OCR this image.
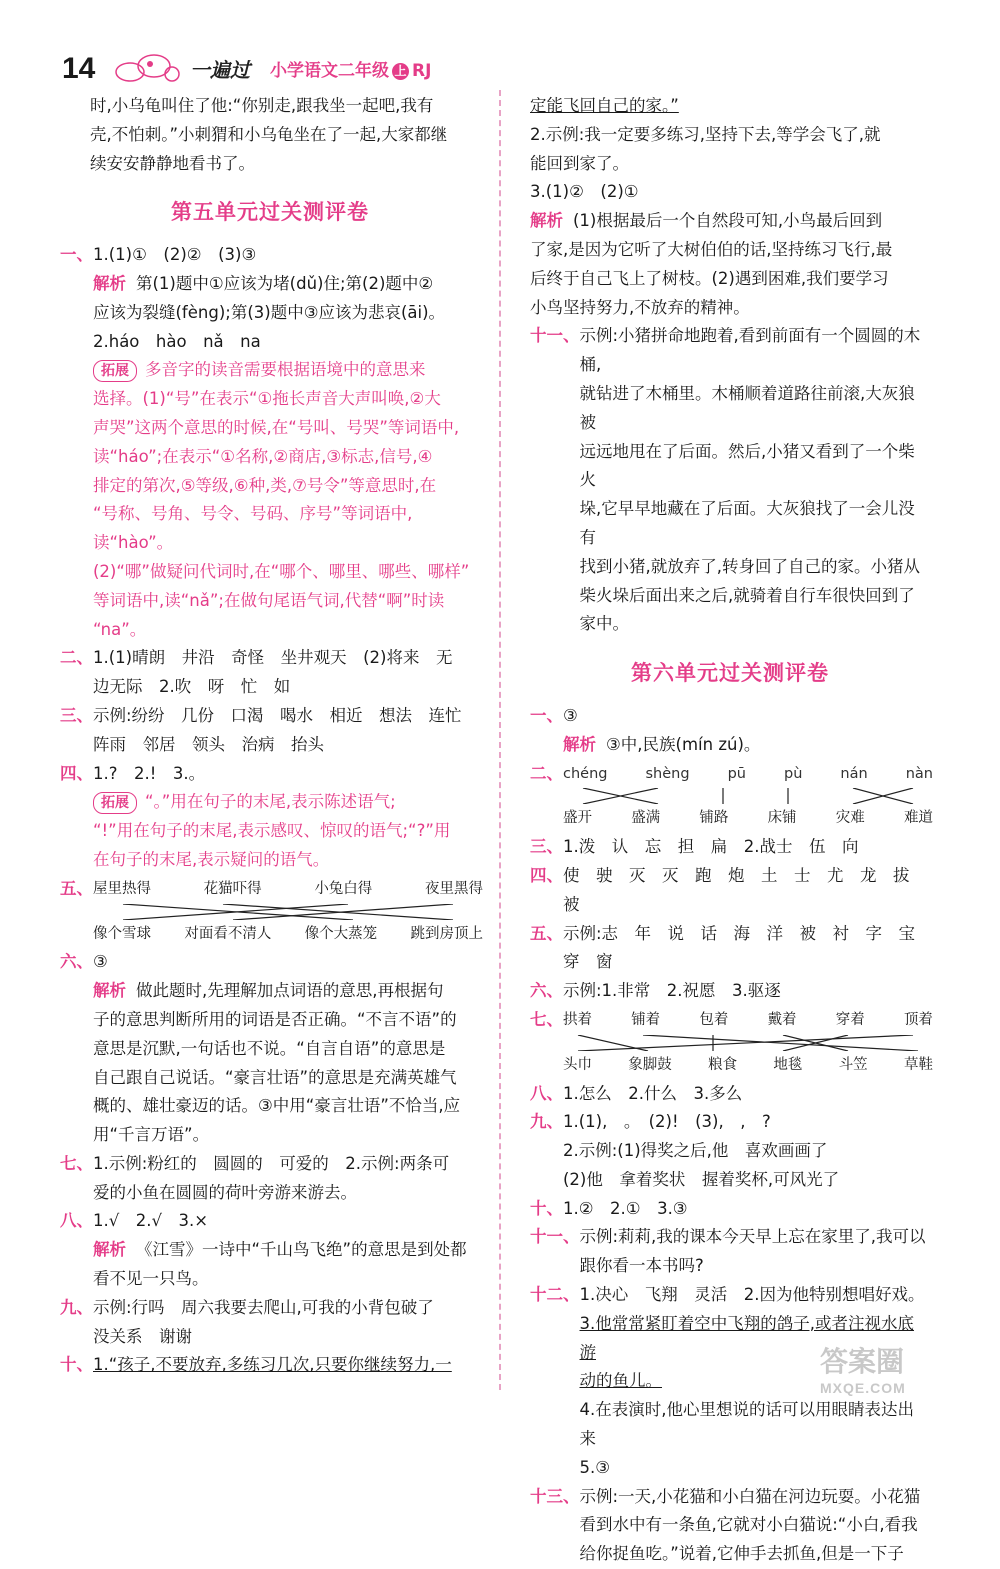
14	一遍过 小学语文二年级 上 RJ
时,小乌龟叫住了他:“你别走,跟我坐一起吧,我有
壳,不怕刺。”小刺猬和小乌龟坐在了一起,大家都继
续安安静静地看书了。
第五单元过关测评卷
一、 1.(1)①　(2)②　(3)③
解析 第(1)题中①应该为堵(dǔ)住;第(2)题中②
应该为裂缝(fèng);第(3)题中③应该为悲哀(āi)。
2.háo　hào　nǎ　na
拓展 多音字的读音需要根据语境中的意思来
选择。(1)“号”在表示“①拖长声音大声叫唤,②大
声哭”这两个意思的时候,在“号叫、号哭”等词语中,
读“háo”;在表示“①名称,②商店,③标志,信号,④
排定的第次,⑤等级,⑥种,类,⑦号令”等意思时,在
“号称、号角、号令、号码、序号”等词语中,读“hào”。
(2)“哪”做疑问代词时,在“哪个、哪里、哪些、哪样”
等词语中,读“nǎ”;在做句尾语气词,代替“啊”时读
“na”。
二、 1.(1)晴朗　井沿　奇怪　坐井观天　(2)将来　无
边无际　2.吹　呀　忙　如
三、 示例:纷纷　几份　口渴　喝水　相近　想法　连忙
阵雨　邻居　领头　治病　抬头
四、 1.?　2.!　3.。
拓展 “。”用在句子的末尾,表示陈述语气;
“!”用在句子的末尾,表示感叹、惊叹的语气;“?”用
在句子的末尾,表示疑问的语气。
五、 屋里热得	花猫吓得	小兔白得	夜里黑得
像个雪球 对面看不清人 像个大蒸笼 跳到房顶上
六、 ③
解析 做此题时,先理解加点词语的意思,再根据句
子的意思判断所用的词语是否正确。“不言不语”的
意思是沉默,一句话也不说。“自言自语”的意思是
自己跟自己说话。“豪言壮语”的意思是充满英雄气
概的、雄壮豪迈的话。③中用“豪言壮语”不恰当,应
用“千言万语”。
七、 1.示例:粉红的　圆圆的　可爱的　2.示例:两条可
爱的小鱼在圆圆的荷叶旁游来游去。
八、 1.√　2.√　3.×
解析 《江雪》一诗中“千山鸟飞绝”的意思是到处都
看不见一只鸟。
九、 示例:行吗　周六我要去爬山,可我的小背包破了
没关系　谢谢
十、 1.“孩子,不要放弃,多练习几次,只要你继续努力,一
定能飞回自己的家。”
2.示例:我一定要多练习,坚持下去,等学会飞了,就
能回到家了。
3.(1)②　(2)①
解析 (1)根据最后一个自然段可知,小鸟最后回到
了家,是因为它听了大树伯伯的话,坚持练习飞行,最
后终于自己飞上了树枝。(2)遇到困难,我们要学习
小鸟坚持努力,不放弃的精神。
十一、 示例:小猪拼命地跑着,看到前面有一个圆圆的木桶,
就钻进了木桶里。木桶顺着道路往前滚,大灰狼被
远远地甩在了后面。然后,小猪又看到了一个柴火
垛,它早早地藏在了后面。大灰狼找了一会儿没有
找到小猪,就放弃了,转身回了自己的家。小猪从
柴火垛后面出来之后,就骑着自行车很快回到了
家中。
第六单元过关测评卷
一、 ③
解析 ③中,民族(mín zú)。
二、 chéng	shèng	pū	pù	nán	nàn
盛开	盛满	铺路	床铺	灾难	难道
三、 1.泼　认　忘　担　扁　2.战士　伍　向
四、 使　驶　灭　灭　跑　炮　土　士　尤　龙　拔　被
五、 示例:志　年　说　话　海　洋　被　衬　字　宝
穿　窗
六、 示例:1.非常　2.祝愿　3.驱逐
七、 拱着	铺着	包着	戴着	穿着	顶着
头巾	象脚鼓	粮食	地毯	斗笠	草鞋
八、 1.怎么　2.什么　3.多么
九、 1.(1),　。　(2)!　(3),　,　?
2.示例:(1)得奖之后,他　喜欢画画了
(2)他　拿着奖状　握着奖杯,可风光了
十、 1.②　2.①　3.③
十一、 示例:莉莉,我的课本今天早上忘在家里了,我可以
跟你看一本书吗?
十二、 1.决心　飞翔　灵活　2.因为他特别想唱好戏。
3.他常常紧盯着空中飞翔的鸽子,或者注视水底游
动的鱼儿。
4.在表演时,他心里想说的话可以用眼睛表达出来
5.③
十三、 示例:一天,小花猫和小白猫在河边玩耍。小花猫
看到水中有一条鱼,它就对小白猫说:“小白,看我
给你捉鱼吃。”说着,它伸手去抓鱼,但是一下子
答案圈
MXQE.COM
